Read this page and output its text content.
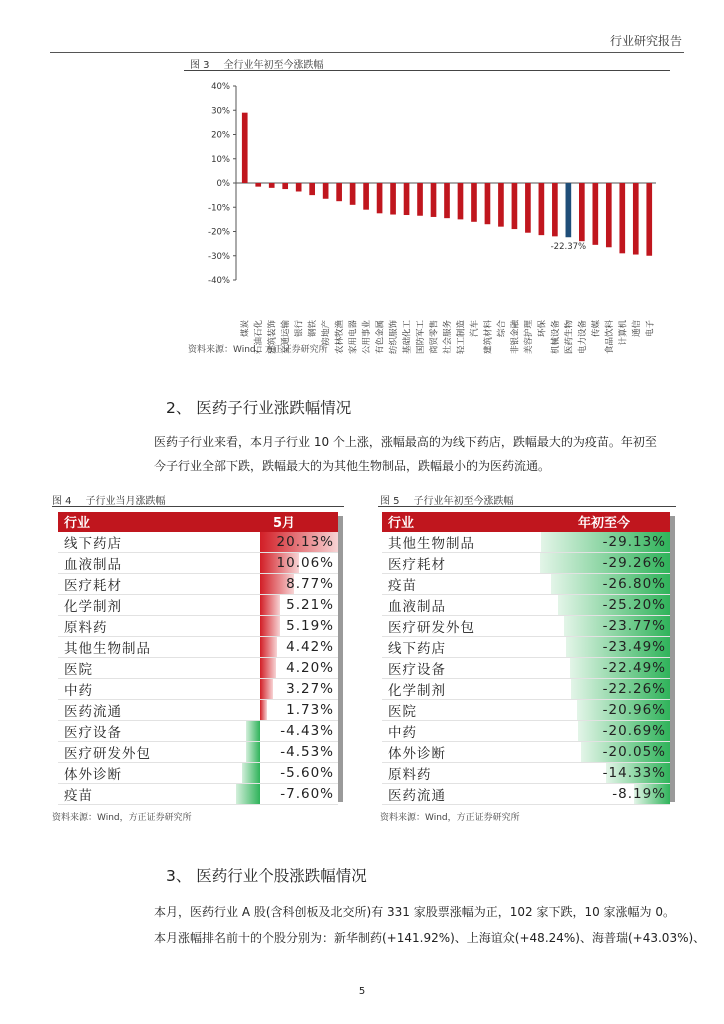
行业研究报告
图 3 全行业年初至今涨跌幅
40%
30%
20%
10%
0%
-10%
-20%
-30%
-40%
煤炭 石油石化 建筑装饰 交通运输 银行 钢铁 房地产 农林牧渔 家用电器 公用事业 有色金属 纺织服饰 基础化工 国防军工 商贸零售 社会服务 轻工制造 汽车 建筑材料 综合 非银金融 美容护理 环保 机械设备 医药生物 电力设备 传媒 食品饮料 计算机 通信 电子
-22.37%
资料来源：Wind，方正证券研究所
2、 医药子行业涨跌幅情况
医药子行业来看，本月子行业 10 个上涨，涨幅最高的为线下药店，跌幅最大的为疫苗。年初至
今子行业全部下跌，跌幅最大的为其他生物制品，跌幅最小的为医药流通。
图 4 子行业当月涨跌幅
行业	5月
线下药店	20.13%
血液制品	10.06%
医疗耗材	8.77%
化学制剂	5.21%
原料药	5.19%
其他生物制品	4.42%
医院	4.20%
中药	3.27%
医药流通	1.73%
医疗设备	-4.43%
医疗研发外包	-4.53%
体外诊断	-5.60%
疫苗	-7.60%
资料来源：Wind，方正证券研究所
图 5 子行业年初至今涨跌幅
行业	年初至今
其他生物制品	-29.13%
医疗耗材	-29.26%
疫苗	-26.80%
血液制品	-25.20%
医疗研发外包	-23.77%
线下药店	-23.49%
医疗设备	-22.49%
化学制剂	-22.26%
医院	-20.96%
中药	-20.69%
体外诊断	-20.05%
原料药	-14.33%
医药流通	-8.19%
资料来源：Wind，方正证券研究所
3、 医药行业个股涨跌幅情况
本月，医药行业 A 股(含科创板及北交所)有 331 家股票涨幅为正，102 家下跌，10 家涨幅为 0。
本月涨幅排名前十的个股分别为：新华制药(+141.92%)、上海谊众(+48.24%)、海普瑞(+43.03%)、
5
